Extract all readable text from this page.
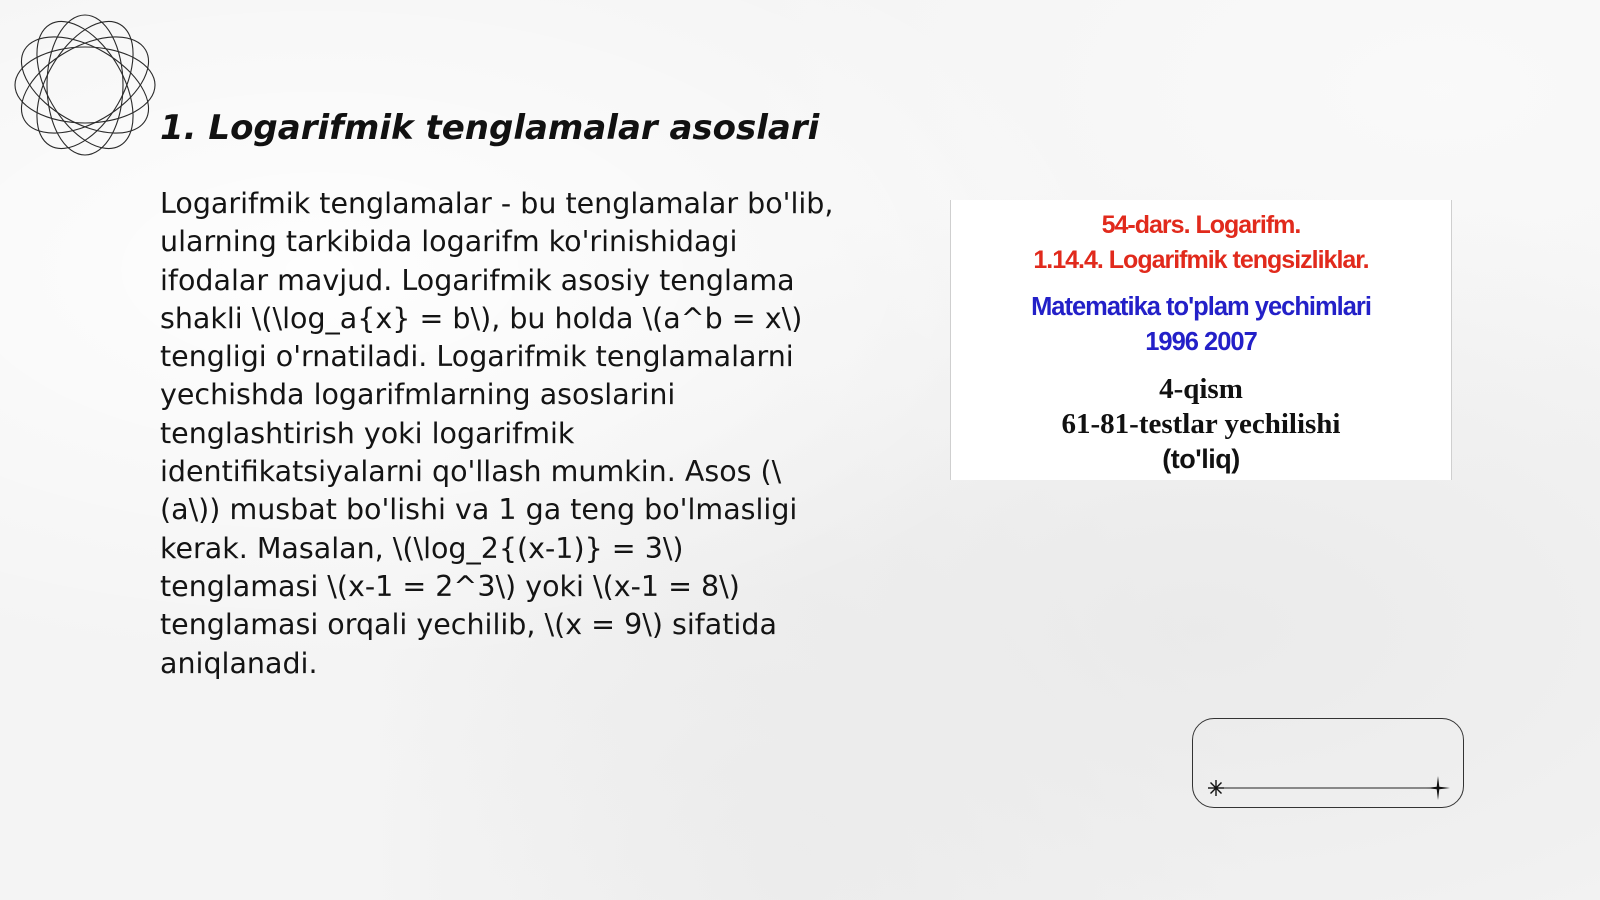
1. Logarifmik tenglamalar asoslari

Logarifmik tenglamalar - bu tenglamalar bo'lib, ularning tarkibida logarifm ko'rinishidagi ifodalar mavjud. Logarifmik asosiy tenglama shakli \(\log_a{x} = b\), bu holda \(a^b = x\) tengligi o'rnatiladi. Logarifmik tenglamalarni yechishda logarifmlarning asoslarini tenglashtirish yoki logarifmik identifikatsiyalarni qo'llash mumkin. Asos (\(a\)) musbat bo'lishi va 1 ga teng bo'lmasligi kerak. Masalan, \(\log_2{(x-1)} = 3\) tenglamasi \(x-1 = 2^3\) yoki \(x-1 = 8\) tenglamasi orqali yechilib, \(x = 9\) sifatida aniqlanadi.

54-dars. Logarifm.

1.14.4. Logarifmik tengsizliklar.

Matematika to'plam yechimlari

1996 2007

4-qism

61-81-testlar yechilishi

(to'liq)
